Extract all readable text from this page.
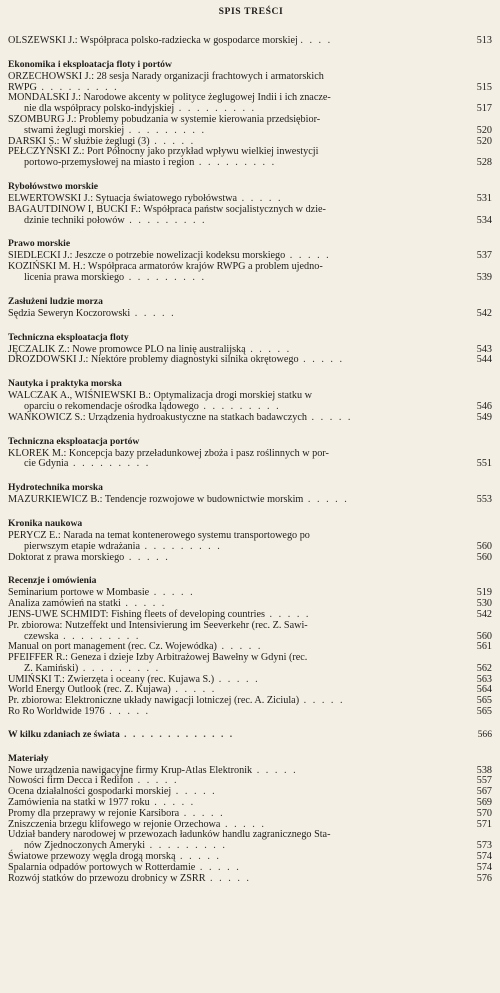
SPIS TREŚCI
OLSZEWSKI J.: Współpraca polsko-radziecka w gospodarce morskiej . . . .	513
Ekonomika i eksploatacja floty i portów
ORZECHOWSKI J.: 28 sesja Narady organizacji frachtowych i armatorskich
RWPG . . . . . . . . .	515
MONDALSKI J.: Narodowe akcenty w polityce żeglugowej Indii i ich znacze-
nie dla współpracy polsko-indyjskiej . . . . . . . . .	517
SZOMBURG J.: Problemy pobudzania w systemie kierowania przedsiębior-
stwami żeglugi morskiej . . . . . . . . .	520
DARSKI S.: W służbie żeglugi (3) . . . . .	520
PEŁCZYŃSKI Z.: Port Północny jako przykład wpływu wielkiej inwestycji
portowo-przemysłowej na miasto i region . . . . . . . . .	528
Rybołówstwo morskie
ELWERTOWSKI J.: Sytuacja światowego rybołówstwa . . . . .	531
BAGAUTDINOW I, BUCKI F.: Współpraca państw socjalistycznych w dzie-
dzinie techniki połowów . . . . . . . . .	534
Prawo morskie
SIEDLECKI J.: Jeszcze o potrzebie nowelizacji kodeksu morskiego . . . . .	537
KOZIŃSKI M. H.: Współpraca armatorów krajów RWPG a problem ujedno-
licenia prawa morskiego . . . . . . . . .	539
Zasłużeni ludzie morza
Sędzia Seweryn Koczorowski . . . . .	542
Techniczna eksploatacja floty
JĘCZALIK Z.: Nowe promowce PLO na linię australijską . . . . .	543
DROZDOWSKI J.: Niektóre problemy diagnostyki silnika okrętowego . . . . .	544
Nautyka i praktyka morska
WALCZAK A., WIŚNIEWSKI B.: Optymalizacja drogi morskiej statku w
oparciu o rekomendacje ośrodka lądowego . . . . . . . . .	546
WAŃKOWICZ S.: Urządzenia hydroakustyczne na statkach badawczych . . . . .	549
Techniczna eksploatacja portów
KLOREK M.: Koncepcja bazy przeładunkowej zboża i pasz roślinnych w por-
cie Gdynia . . . . . . . . .	551
Hydrotechnika morska
MAZURKIEWICZ B.: Tendencje rozwojowe w budownictwie morskim . . . . .	553
Kronika naukowa
PERYCZ E.: Narada na temat kontenerowego systemu transportowego po
pierwszym etapie wdrażania . . . . . . . . .	560
Doktorat z prawa morskiego . . . . .	560
Recenzje i omówienia
Seminarium portowe w Mombasie . . . . .	519
Analiza zamówień na statki . . . . .	530
JENS-UWE SCHMIDT: Fishing fleets of developing countries . . . . .	542
Pr. zbiorowa: Nutzeffekt und Intensivierung im Seeverkehr (rec. Z. Sawi-
czewska . . . . . . . . .	560
Manual on port management (rec. Cz. Wojewódka) . . . . .	561
PFEIFFER R.: Geneza i dzieje Izby Arbitrażowej Bawełny w Gdyni (rec.
Z. Kamiński) . . . . . . . . .	562
UMIŃSKI T.: Zwierzęta i oceany (rec. Kujawa S.) . . . . .	563
World Energy Outlook (rec. Z. Kujawa) . . . . .	564
Pr. zbiorowa: Elektroniczne układy nawigacji lotniczej (rec. A. Ziciula) . . . . .	565
Ro Ro Worldwide 1976 . . . . .	565
W kilku zdaniach ze świata . . . . . . . . . . . . .	566
Materiały
Nowe urządzenia nawigacyjne firmy Krup-Atlas Elektronik . . . . .	538
Nowości firm Decca i Redifon . . . . .	557
Ocena działalności gospodarki morskiej . . . . .	567
Zamówienia na statki w 1977 roku . . . . .	569
Promy dla przeprawy w rejonie Karsibora . . . . .	570
Zniszczenia brzegu klifowego w rejonie Orzechowa . . . . .	571
Udział bandery narodowej w przewozach ładunków handlu zagranicznego Sta-
nów Zjednoczonych Ameryki . . . . . . . . .	573
Światowe przewozy węgla drogą morską . . . . .	574
Spalarnia odpadów portowych w Rotterdamie . . . . .	574
Rozwój statków do przewozu drobnicy w ZSRR . . . . .	576
